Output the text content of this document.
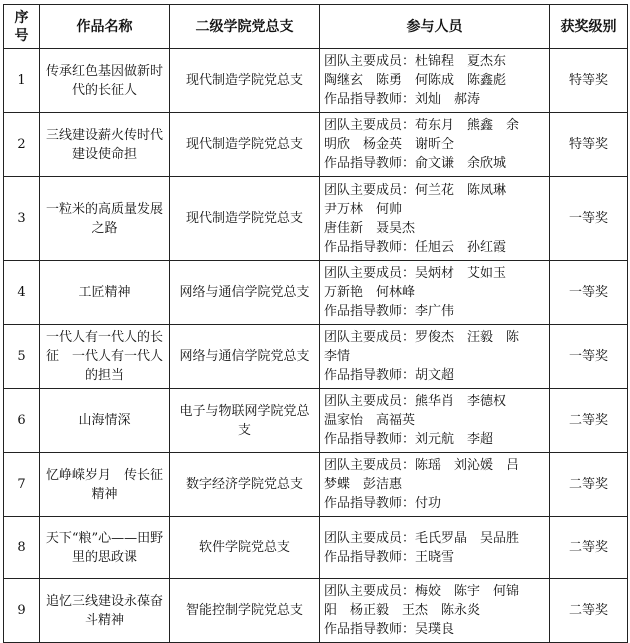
序号	作品名称	二级学院党总支	参与人员	获奖级别
1	传承红色基因做新时代的长征人	现代制造学院党总支	团队主要成员：杜锦程　夏杰东
陶继玄　陈勇　何陈成　陈鑫彪
作品指导教师：刘灿　郝涛	特等奖
2	三线建设薪火传时代建设使命担	现代制造学院党总支	团队主要成员：苟东月　熊鑫　余
明欣　杨金英　谢昕仝
作品指导教师：俞文谦　余欣城	特等奖
3	一粒米的高质量发展之路	现代制造学院党总支	团队主要成员：何兰花　陈凤琳
尹万林　何帅
唐佳新　聂昊杰
作品指导教师：任旭云　孙红霞	一等奖
4	工匠精神	网络与通信学院党总支	团队主要成员：吴炳材　艾如玉
万新艳　何林峰
作品指导教师：李广伟	一等奖
5	一代人有一代人的长征　一代人有一代人的担当	网络与通信学院党总支	团队主要成员：罗俊杰　汪毅　陈
李情
作品指导教师：胡文超	一等奖
6	山海情深	电子与物联网学院党总支	团队主要成员：熊华肖　李德权
温家怡　高福英
作品指导教师：刘元航　李超	二等奖
7	忆峥嵘岁月　传长征精神	数字经济学院党总支	团队主要成员：陈瑶　刘沁媛　吕
梦蝶　彭洁惠
作品指导教师：付功	二等奖
8	天下“粮”心——田野里的思政课	软件学院党总支	团队主要成员：毛氏罗晶　吴品胜
作品指导教师：王晓雪	二等奖
9	追忆三线建设永葆奋斗精神	智能控制学院党总支	团队主要成员：梅姣　陈宇　何锦
阳　杨正毅　王杰　陈永炎
作品指导教师：吴璞良	二等奖
